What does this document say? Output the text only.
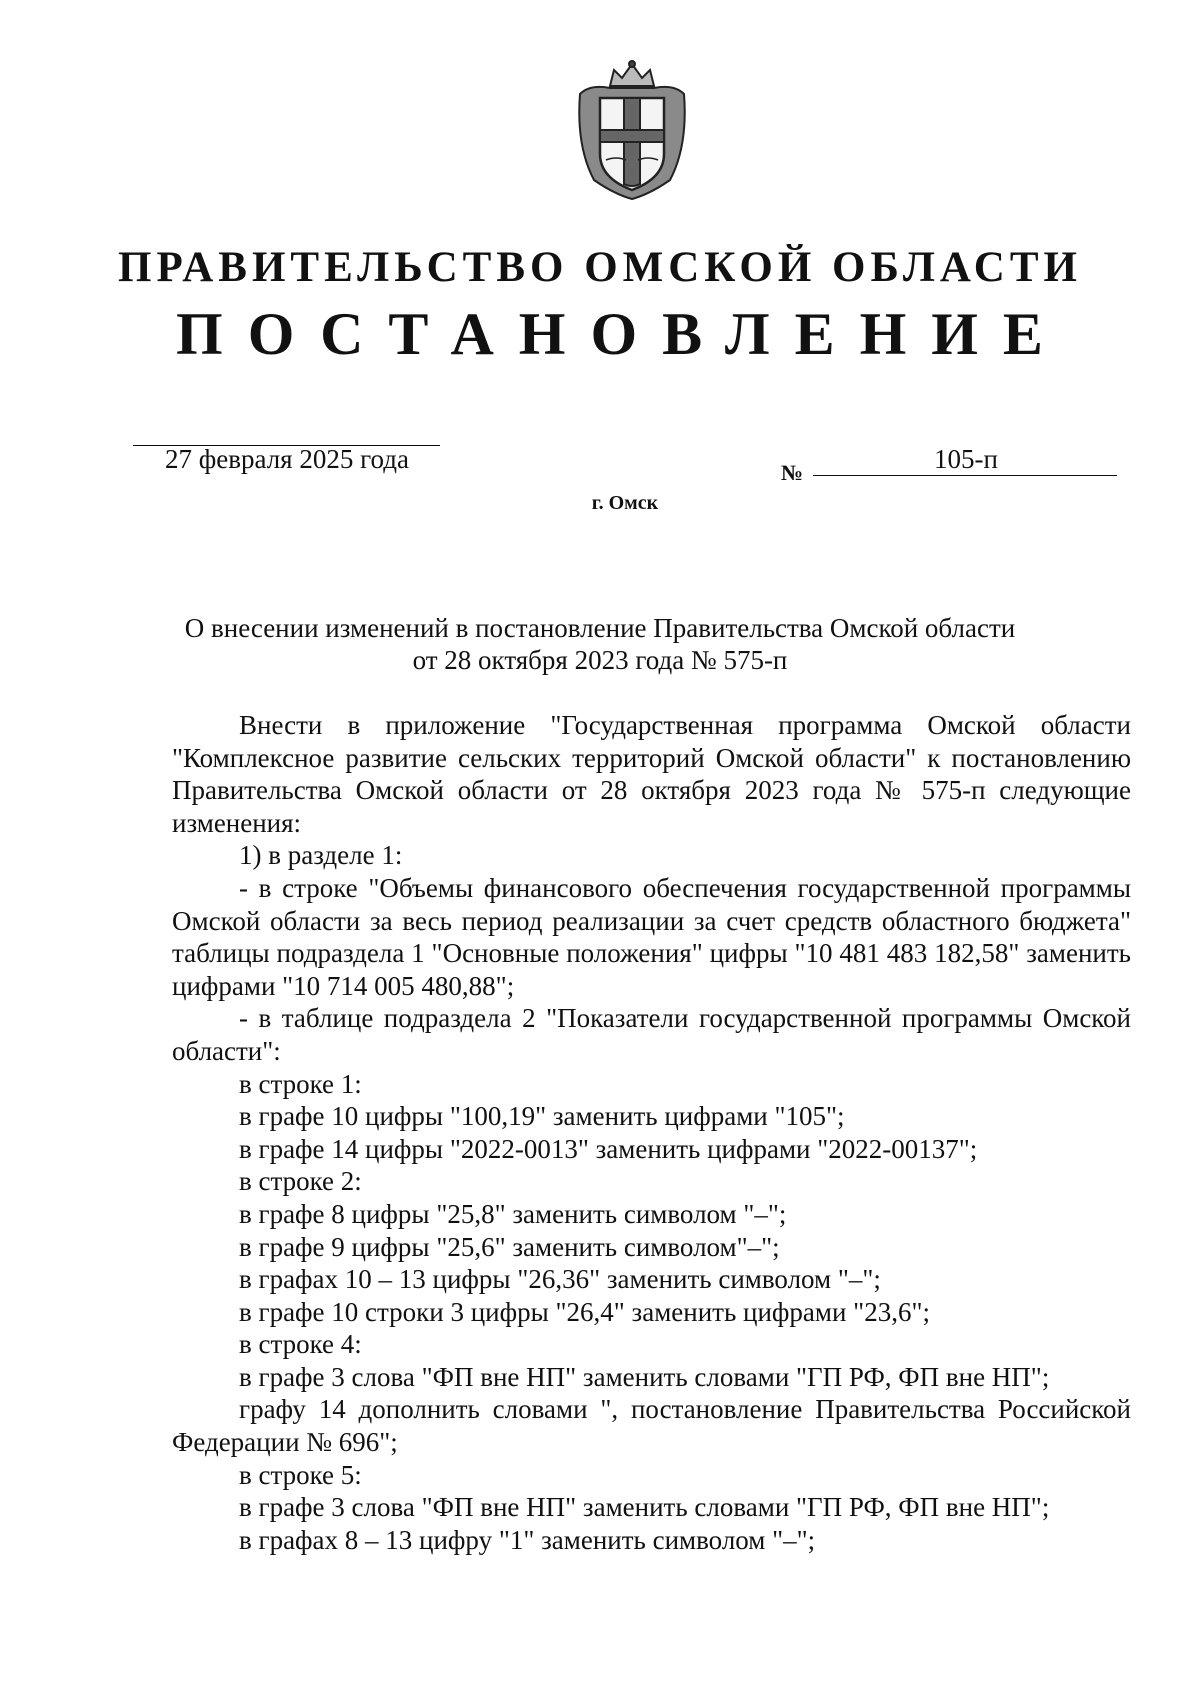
ПРАВИТЕЛЬСТВО ОМСКОЙ ОБЛАСТИ
ПОСТАНОВЛЕНИЕ
27 февраля 2025 года	№	105-п
г. Омск
О внесении изменений в постановление Правительства Омской области
от 28 октября 2023 года № 575-п

Внести в приложение "Государственная программа Омской области "Комплексное развитие сельских территорий Омской области" к постановлению Правительства Омской области от 28 октября 2023 года № 575-п следующие изменения:

1) в разделе 1:

- в строке "Объемы финансового обеспечения государственной программы Омской области за весь период реализации за счет средств областного бюджета" таблицы подраздела 1 "Основные положения" цифры "10 481 483 182,58" заменить цифрами "10 714 005 480,88";

- в таблице подраздела 2 "Показатели государственной программы Омской области":

в строке 1:

в графе 10 цифры "100,19" заменить цифрами "105";

в графе 14 цифры "2022-0013" заменить цифрами "2022-00137";

в строке 2:

в графе 8 цифры "25,8" заменить символом "–";

в графе 9 цифры "25,6" заменить символом"–";

в графах 10 – 13 цифры "26,36" заменить символом "–";

в графе 10 строки 3 цифры "26,4" заменить цифрами "23,6";

в строке 4:

в графе 3 слова "ФП вне НП" заменить словами "ГП РФ, ФП вне НП";

графу 14 дополнить словами ", постановление Правительства Российской Федерации № 696";

в строке 5:

в графе 3 слова "ФП вне НП" заменить словами "ГП РФ, ФП вне НП";

в графах 8 – 13 цифру "1" заменить символом "–";
